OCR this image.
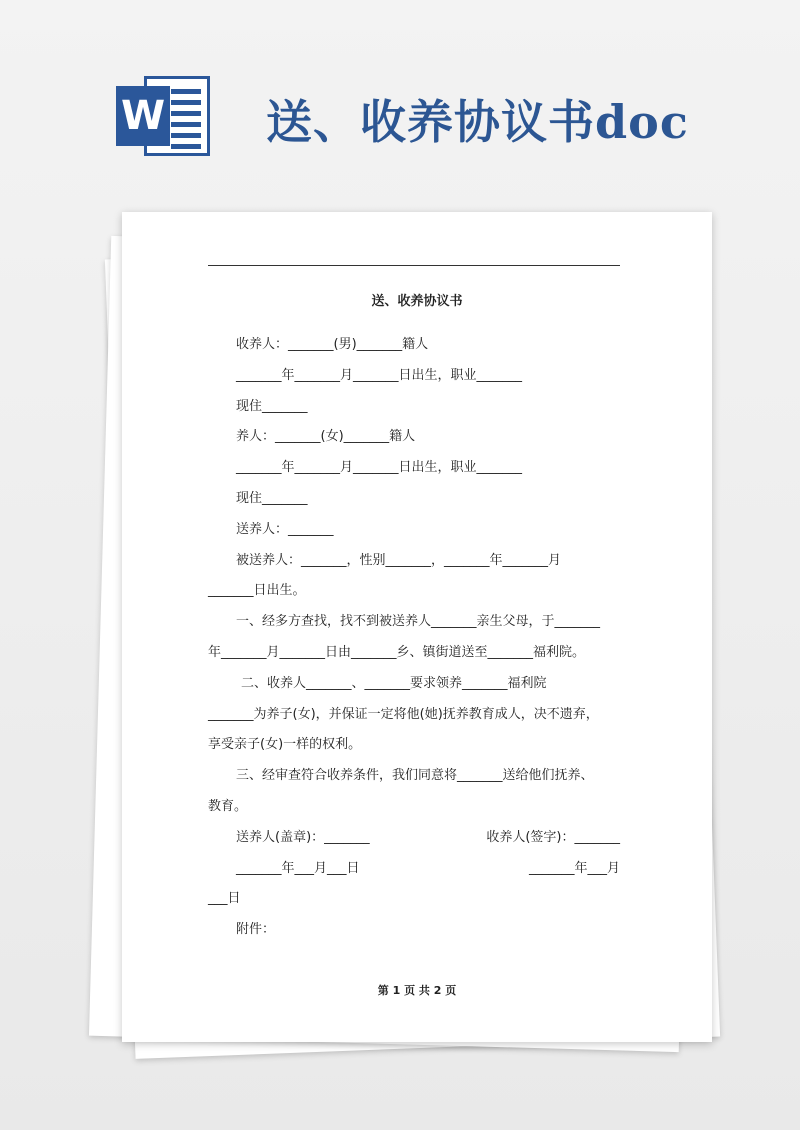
W 送、收养协议书doc
送、收养协议书
收养人：_______(男)_______籍人
_______年_______月_______日出生，职业_______
现住_______
养人：_______(女)_______籍人
_______年_______月_______日出生，职业_______
现住_______
送养人：_______
被送养人：_______，性别_______，_______年_______月
_______日出生。
一、经多方查找，找不到被送养人_______亲生父母，于_______
年_______月_______日由_______乡、镇街道送至_______福利院。
二、收养人_______、_______要求领养_______福利院
_______为养子(女)，并保证一定将他(她)抚养教育成人，决不遗弃，
享受亲子(女)一样的权利。
三、经审查符合收养条件，我们同意将_______送给他们抚养、
教育。
送养人(盖章)：_______	收养人(签字)：_______
_______年___月___日	_______年___月
___日
附件：
第 1 页 共 2 页
